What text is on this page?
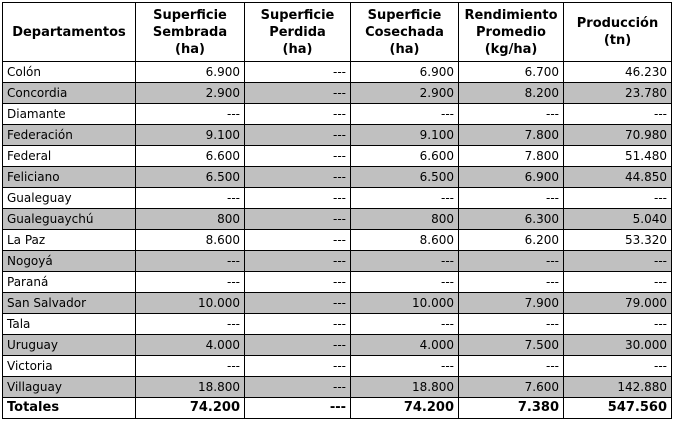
Departamentos	Superficie
Sembrada
(ha)	Superficie
Perdida
(ha)	Superficie
Cosechada
(ha)	Rendimiento
Promedio
(kg/ha)	Producción
(tn)

Colón	6.900	---	6.900	6.700	46.230
Concordia	2.900	---	2.900	8.200	23.780
Diamante	---	---	---	---	---
Federación	9.100	---	9.100	7.800	70.980
Federal	6.600	---	6.600	7.800	51.480
Feliciano	6.500	---	6.500	6.900	44.850
Gualeguay	---	---	---	---	---
Gualeguaychú	800	---	800	6.300	5.040
La Paz	8.600	---	8.600	6.200	53.320
Nogoyá	---	---	---	---	---
Paraná	---	---	---	---	---
San Salvador	10.000	---	10.000	7.900	79.000
Tala	---	---	---	---	---
Uruguay	4.000	---	4.000	7.500	30.000
Victoria	---	---	---	---	---
Villaguay	18.800	---	18.800	7.600	142.880
Totales	74.200	---	74.200	7.380	547.560
